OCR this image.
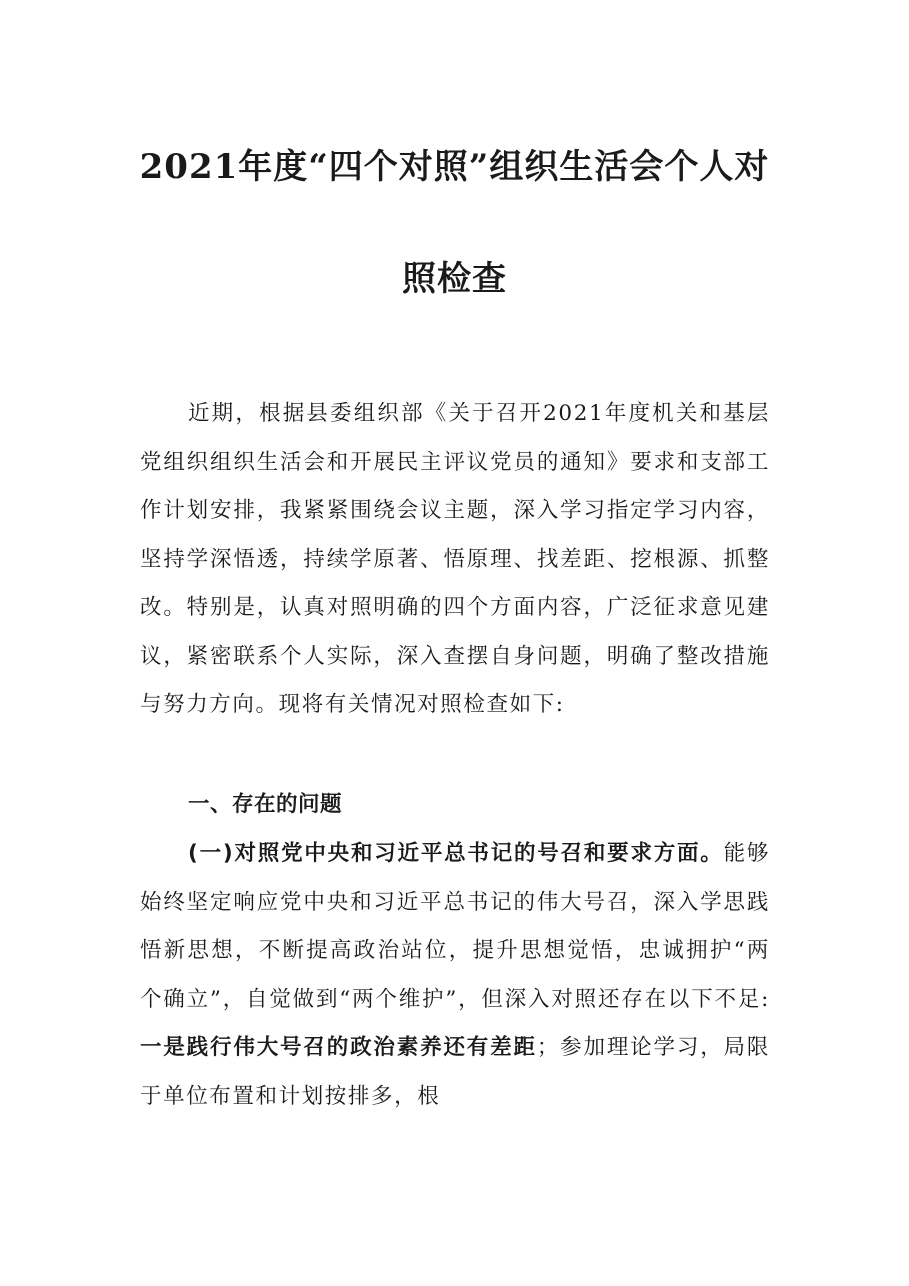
2021年度“四个对照”组织生活会个人对
照检查

近期，根据县委组织部《关于召开2021年度机关和基层党组织组织生活会和开展民主评议党员的通知》要求和支部工作计划安排，我紧紧围绕会议主题，深入学习指定学习内容，坚持学深悟透，持续学原著、悟原理、找差距、挖根源、抓整改。特别是，认真对照明确的四个方面内容，广泛征求意见建议，紧密联系个人实际，深入查摆自身问题，明确了整改措施与努力方向。现将有关情况对照检查如下:

一、存在的问题

(一)对照党中央和习近平总书记的号召和要求方面。能够始终坚定响应党中央和习近平总书记的伟大号召，深入学思践悟新思想，不断提高政治站位，提升思想觉悟，忠诚拥护“两个确立”，自觉做到“两个维护”，但深入对照还存在以下不足: 一是践行伟大号召的政治素养还有差距；参加理论学习，局限于单位布置和计划按排多，根
